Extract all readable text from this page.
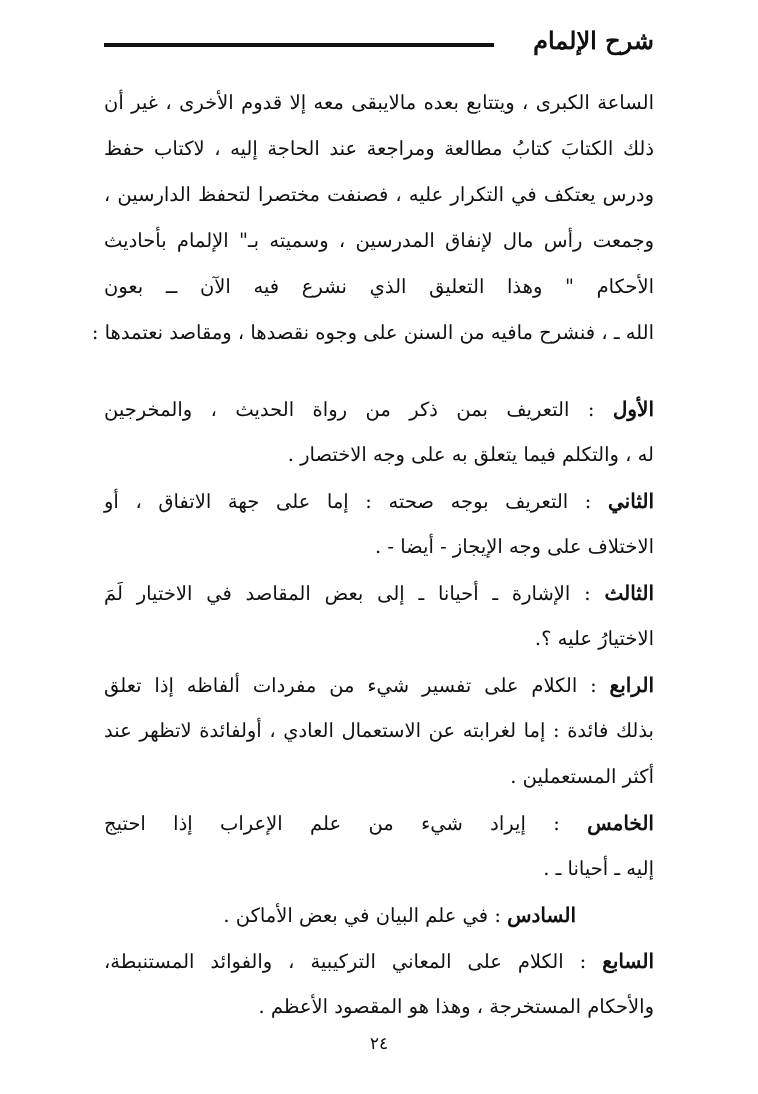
شرح الإلمام
الساعة الكبرى ، ويتتابع بعده مالايبقى معه إلا قدوم الأخرى ، غير أن
ذلك الكتابَ كتابُ مطالعة ومراجعة عند الحاجة إليه ، لاكتاب حفظ
ودرس يعتكف في التكرار عليه ، فصنفت مختصرا لتحفظ الدارسين ،
وجمعت رأس مال لإنفاق المدرسين ، وسميته بـ" الإلمام بأحاديث
الأحكام " وهذا التعليق الذي نشرع فيه الآن ــ بعون
الله ـ ، فنشرح مافيه من السنن على وجوه نقصدها ، ومقاصد نعتمدها :
الأول : التعريف بمن ذكر من رواة الحديث ، والمخرجين
له ، والتكلم فيما يتعلق به على وجه الاختصار .
الثاني : التعريف بوجه صحته : إما على جهة الاتفاق ، أو
الاختلاف على وجه الإيجاز - أيضا - .
الثالث : الإشارة ـ أحيانا ـ إلى بعض المقاصد في الاختيار لَمَ
الاختيارُ عليه ؟.
الرابع : الكلام على تفسير شيء من مفردات ألفاظه إذا تعلق
بذلك فائدة : إما لغرابته عن الاستعمال العادي ، أولفائدة لاتظهر عند
أكثر المستعملين .
الخامس : إيراد شيء من علم الإعراب إذا احتيج
إليه ـ أحيانا ـ .
السادس : في علم البيان في بعض الأماكن .
السابع : الكلام على المعاني التركيبية ، والفوائد المستنبطة،
والأحكام المستخرجة ، وهذا هو المقصود الأعظم .
٢٤
